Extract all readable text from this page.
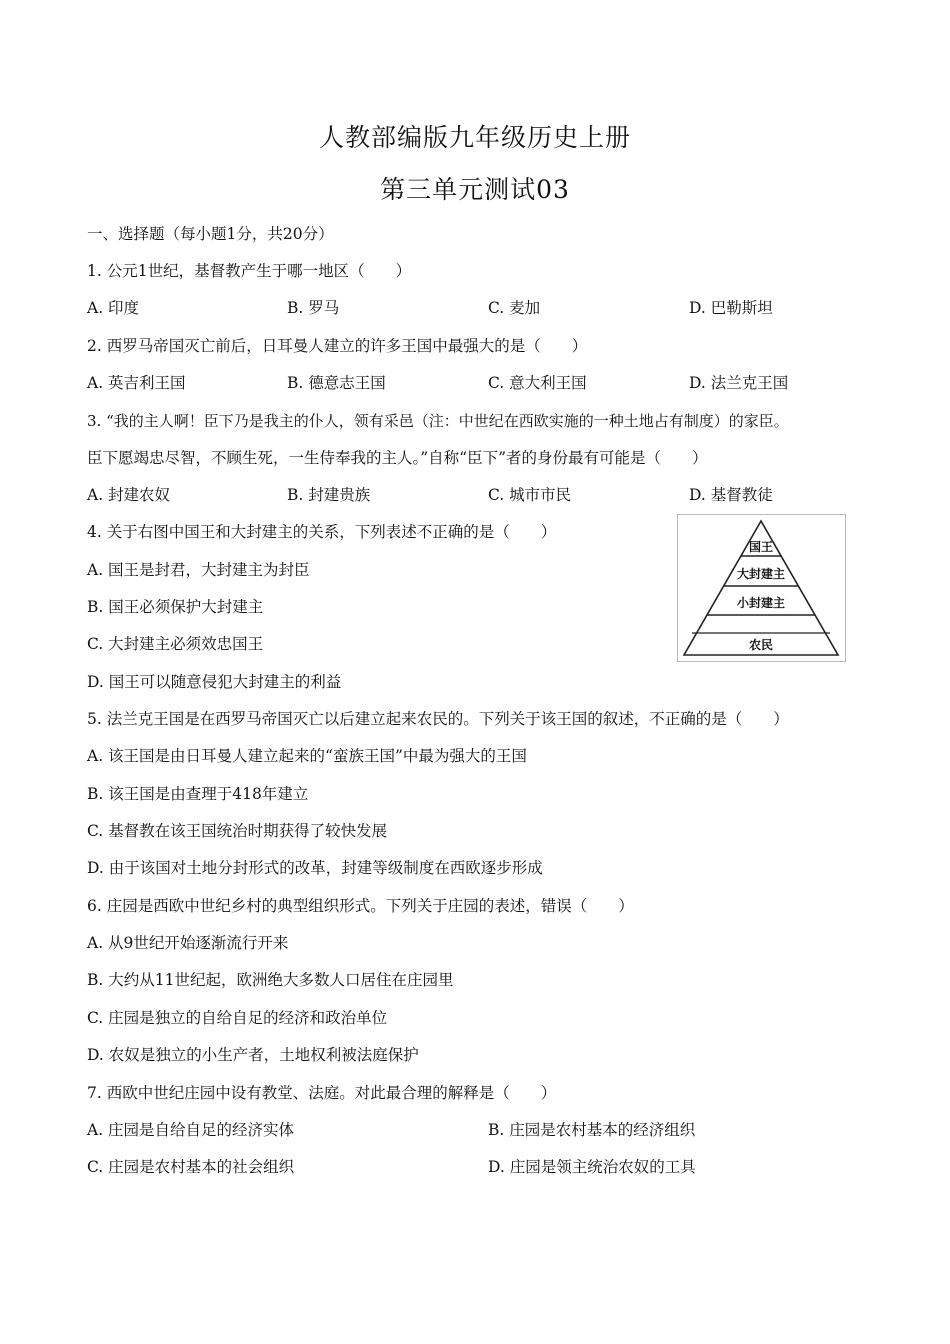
人教部编版九年级历史上册
第三单元测试03
一、选择题（每小题1分，共20分）
1. 公元1世纪，基督教产生于哪一地区（　　）
A. 印度	B. 罗马	C. 麦加	D. 巴勒斯坦
2. 西罗马帝国灭亡前后，日耳曼人建立的许多王国中最强大的是（　　）
A. 英吉利王国	B. 德意志王国	C. 意大利王国	D. 法兰克王国
3. “我的主人啊！臣下乃是我主的仆人，领有采邑（注：中世纪在西欧实施的一种土地占有制度）的家臣。
臣下愿竭忠尽智，不顾生死，一生侍奉我的主人。”自称“臣下”者的身份最有可能是（　　）
A. 封建农奴	B. 封建贵族	C. 城市市民	D. 基督教徒
4. 关于右图中国王和大封建主的关系，下列表述不正确的是（　　）
A. 国王是封君，大封建主为封臣
B. 国王必须保护大封建主
C. 大封建主必须效忠国王
D. 国王可以随意侵犯大封建主的利益
国王
大封建主
小封建主
农民
5. 法兰克王国是在西罗马帝国灭亡以后建立起来农民的。下列关于该王国的叙述，不正确的是（　　）
A. 该王国是由日耳曼人建立起来的“蛮族王国”中最为强大的王国
B. 该王国是由查理于418年建立
C. 基督教在该王国统治时期获得了较快发展
D. 由于该国对土地分封形式的改革，封建等级制度在西欧逐步形成
6. 庄园是西欧中世纪乡村的典型组织形式。下列关于庄园的表述，错误（　　）
A. 从9世纪开始逐渐流行开来
B. 大约从11世纪起，欧洲绝大多数人口居住在庄园里
C. 庄园是独立的自给自足的经济和政治单位
D. 农奴是独立的小生产者，土地权利被法庭保护
7. 西欧中世纪庄园中设有教堂、法庭。对此最合理的解释是（　　）
A. 庄园是自给自足的经济实体	B. 庄园是农村基本的经济组织
C. 庄园是农村基本的社会组织	D. 庄园是领主统治农奴的工具
